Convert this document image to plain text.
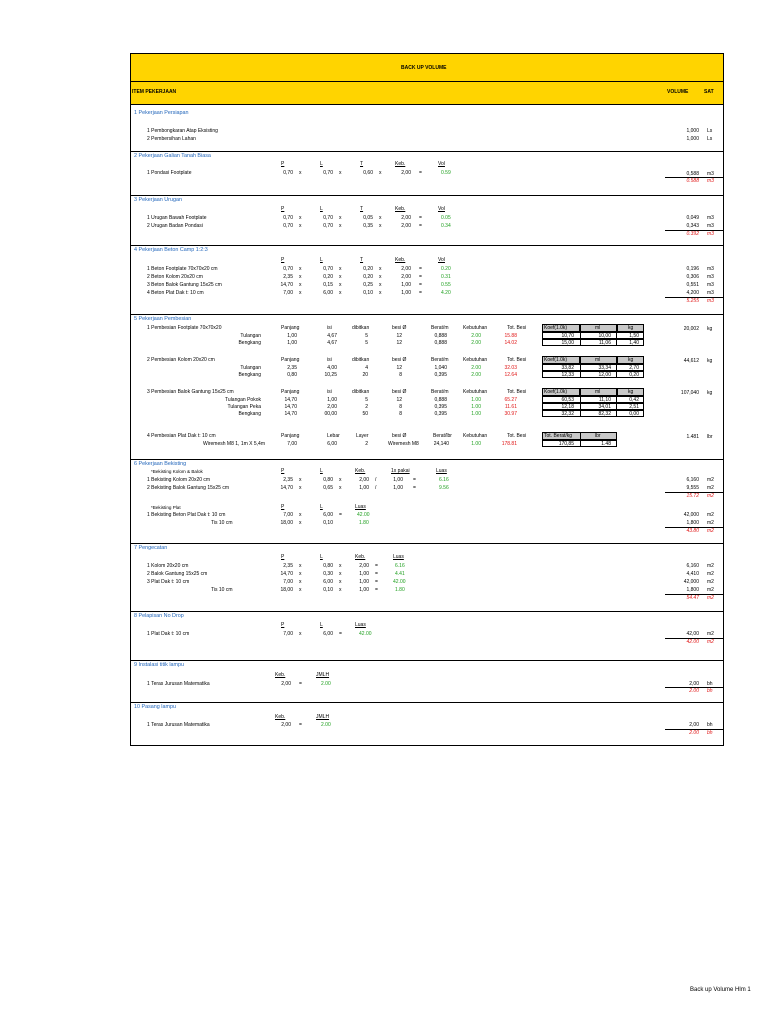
BACK UP VOLUME
ITEM PEKERJAAN	VOLUME	SAT
1 Pekerjaan Persiapan
1 Pembongkaran Atap Eksisting	1,000 Ls
2 Pembersihan Lahan	1,000 Ls
2 Pekerjaan Galian Tanah Biasa
P	L	T	Keb.	Vol
1 Pondasi Footplate	0,70 x	0,70 x	0,60 x	2,00 =	0.59	0,588 m3
0.588 m3
3 Pekerjaan Urugan
P	L	T	Keb.	Vol
1 Urugan Bawah Footplate	0,70 x	0,70 x	0,05 x	2,00 =	0.05	0,049 m3
2 Urugan Badan Pondasi	0,70 x	0,70 x	0,35 x	2,00 =	0.34	0,343 m3
0.392 m3
4 Pekerjaan Beton Camp 1:2:3
P	L	T	Keb.	Vol
1 Beton Footplate 70x70x20 cm	0,70 x	0,70 x	0,20 x	2,00 =	0.20	0,196 m3
2 Beton Kolom 20x20 cm	2,35 x	0,20 x	0,20 x	2,00 =	0.31	0,306 m3
3 Beton Balok Gantung 15x25 cm	14,70 x	0,15 x	0,25 x	1,00 =	0.55	0,551 m3
4 Beton Plat Dak t: 10 cm	7,00 x	6,00 x	0,10 x	1,00 =	4.20	4,200 m3
5.255 m3
5 Pekerjaan Pembesian
Panjang	isi	dibitkan	besi Ø	Berat/m	Kebutuhan	Tot. Besi	Koef(1.0k)	ml	kg
1 Pembesian Footplate 70x70x20	20,002 kg
Tulangan	1,00	4,67	5	12	0,888	2.00	15.88	10,70	10,00	1,50
Bengkang	1,00	4,67	5	12	0,888	2.00	14.02	15,00	11,06	1,40
Panjang	isi	dibitkan	besi Ø	Berat/m	Kebutuhan	Tot. Besi	Koef(1.0k)	ml	kg
2 Pembesian Kolom 20x20 cm	44,612 kg
Tulangan	2,35	4,00	4	12	1,040	2.00	32.03	33,82	33,34	2,70
Bengkang	0,80	10,25	20	8	0,395	2.00	12.64	12,33	12,00	0,20
Panjang	isi	dibitkan	besi Ø	Berat/m	Kebutuhan	Tot. Besi	Koef(1.0k)	ml	kg
3 Pembesian Balok Gantung 15x25 cm	107,040 kg
Tulangan Pokok	14,70	1,00	5	12	0,888	1.00	65.27	60,53	11,10	0,42
Tulangan Peka	14,70	2,00	2	8	0,395	1.00	11.61	12,18	34,01	2,51
Bengkang	14,70	00,00	50	8	0,395	1.00	30.97	32,32	82,32	0,00
4 Pembesian Plat Dak t: 10 cm	Panjang	Lebar	Layer	besi Ø	Berat/lbr Kebutuhan	Tot. Besi	Tot. Berat/kg	lbr	1.481 lbr
Wiremesh M8 1, 1m X 5,4m	7,00	6,00	2	Wiremesh M8	24,140	1.00	178.81	170,85	1.48
6 Pekerjaan Bekisting
*Bekisting Kolom & Balok	P	L	Keb.	1x pakai	Luas
1 Bekisting Kolom 20x20 cm	2,35 x	0,80 x	2,00 /	1,00 =	6.16	6,160 m2
2 Bekisting Balok Gantung 15x25 cm	14,70 x	0,65 x	1,00 /	1,00 =	9.56	9,555 m2
15.72 m2
*Bekisting Plat	P	L	Luas
1 Bekisting Beton Plat Dak t: 10 cm	7,00 x	6,00 =	42.00	42,000 m2
Tis 10 cm	18,00 x	0,10	1.80	1,800 m2
43.80 m2
7 Pengecatan
P	L	Keb.	Luas
1 Kolom 20x20 cm	2,35 x	0,80 x	2,00 =	6.16	6,160 m2
2 Balok Gantung 15x25 cm	14,70 x	0,30 x	1,00 =	4.41	4,410 m2
3 Plat Dak t: 10 cm	7,00 x	6,00 x	1,00 =	42.00	42,000 m2
Tis 10 cm	18,00 x	0,10 x	1,00 =	1.80	1,800 m2
54.47 m2
8 Pelapisan No Drop
P	L	Luas
1 Plat Dak t: 10 cm	7,00 x	6,00 =	42.00	42,00 m2
42.00 m2
9 Instalasi titik lampu
Keb.	JMLH
1 Teras Jurusan Matematika	2,00 =	2.00	2,00 bh
2.00 bh
10 Pasang lampu
Keb.	JMLH
1 Teras Jurusan Matematika	2,00 =	2.00	2,00 bh
2.00 bh
Back up Volume Hlm 1
